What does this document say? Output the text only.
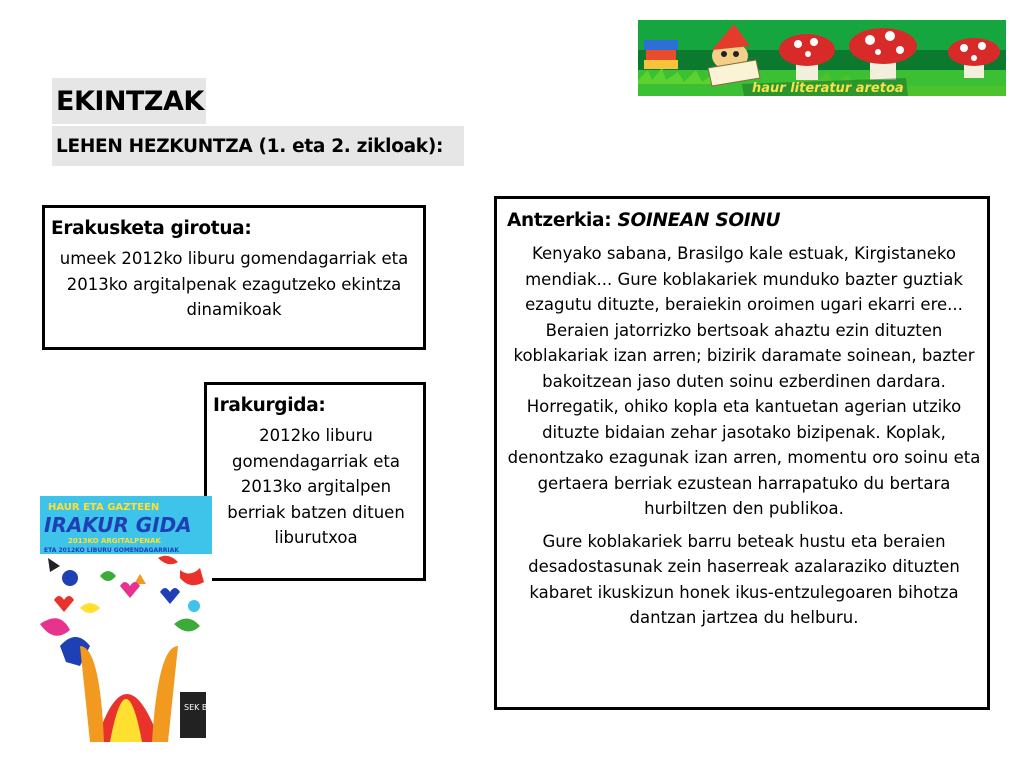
EKINTZAK
LEHEN HEZKUNTZA (1. eta 2. zikloak):
haur literatur aretoa
Erakusketa girotua:

umeek 2012ko liburu gomendagarriak eta 2013ko argitalpenak ezagutzeko ekintza dinamikoak

Irakurgida:

2012ko liburu gomendagarriak eta 2013ko argitalpen berriak batzen dituen liburutxoa

Antzerkia: SOINEAN SOINU

Kenyako sabana, Brasilgo kale estuak, Kirgistaneko mendiak... Gure koblakariek munduko bazter guztiak ezagutu dituzte, beraiekin oroimen ugari ekarri ere... Beraien jatorrizko bertsoak ahaztu ezin dituzten koblakariak izan arren; bizirik daramate soinean, bazter bakoitzean jaso duten soinu ezberdinen dardara. Horregatik, ohiko kopla eta kantuetan agerian utziko dituzte bidaian zehar jasotako bizipenak. Koplak, denontzako ezagunak izan arren, momentu oro soinu eta gertaera berriak ezustean harrapatuko du bertara hurbiltzen den publikoa.

Gure koblakariek barru beteak hustu eta beraien desadostasunak zein haserreak azalaraziko dituzten kabaret ikuskizun honek ikus-entzulegoaren bihotza dantzan jartzea du helburu.

HAUR ETA GAZTEEN
IRAKUR GIDA
2013KO ARGITALPENAK
ETA 2012KO LIBURU GOMENDAGARRIAK
SEK BARC
